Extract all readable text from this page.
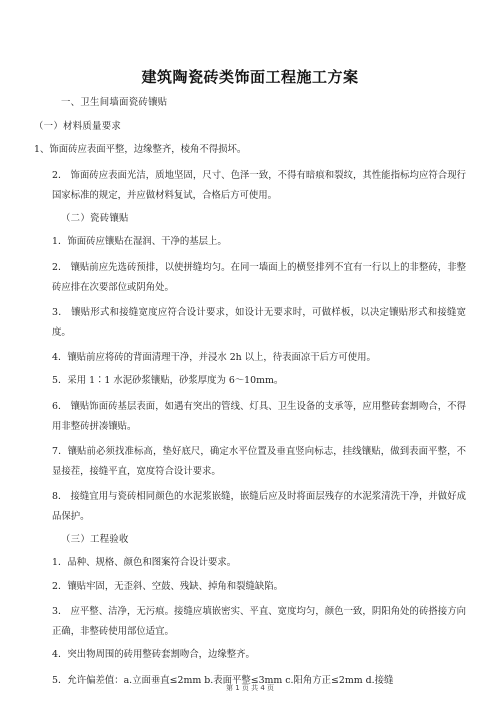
建筑陶瓷砖类饰面工程施工方案
一、卫生间墙面瓷砖镶贴
（一）材料质量要求
1、饰面砖应表面平整，边缘整齐，棱角不得损坏。
2． 饰面砖应表面光洁，质地坚固，尺寸、色泽一致，不得有暗痕和裂纹，其性能指标均应符合现行国家标准的规定，并应做材料复试，合格后方可使用。
（二）瓷砖镶贴
1．饰面砖应镶贴在湿润、干净的基层上。
2． 镶贴前应先选砖预排，以使拼缝均匀。在同一墙面上的横竖排列不宜有一行以上的非整砖，非整砖应排在次要部位或阴角处。
3． 镶贴形式和接缝宽度应符合设计要求，如设计无要求时，可做样板，以决定镶贴形式和接缝宽度。
4．镶贴前应将砖的背面清理干净，并浸水 2h 以上，待表面凉干后方可使用。
5．采用 1∶1 水泥砂浆镶贴，砂浆厚度为 6～10mm。
6． 镶贴饰面砖基层表面，如遇有突出的管线、灯具、卫生设备的支承等，应用整砖套割吻合，不得用非整砖拼凑镶贴。
7．镶贴前必须找准标高，垫好底尺，确定水平位置及垂直竖向标志，挂线镶贴，做到表面平整，不显接茬，接缝平直，宽度符合设计要求。
8． 接缝宜用与瓷砖相同颜色的水泥浆嵌缝，嵌缝后应及时将面层残存的水泥浆清洗干净，并做好成品保护。
（三）工程验收
1．品种、规格、颜色和图案符合设计要求。
2．镶贴牢固，无歪斜、空鼓、残缺、掉角和裂缝缺陷。
3． 应平整、洁净，无污痕。接缝应填嵌密实、平直、宽度均匀，颜色一致，阴阳角处的砖搭接方向正确，非整砖使用部位适宜。
4．突出物周围的砖用整砖套割吻合，边缘整齐。
5．允许偏差值：a.立面垂直≤2mm b.表面平整≤3mm c.阳角方正≤2mm d.接缝
第 1 页 共 4 页
